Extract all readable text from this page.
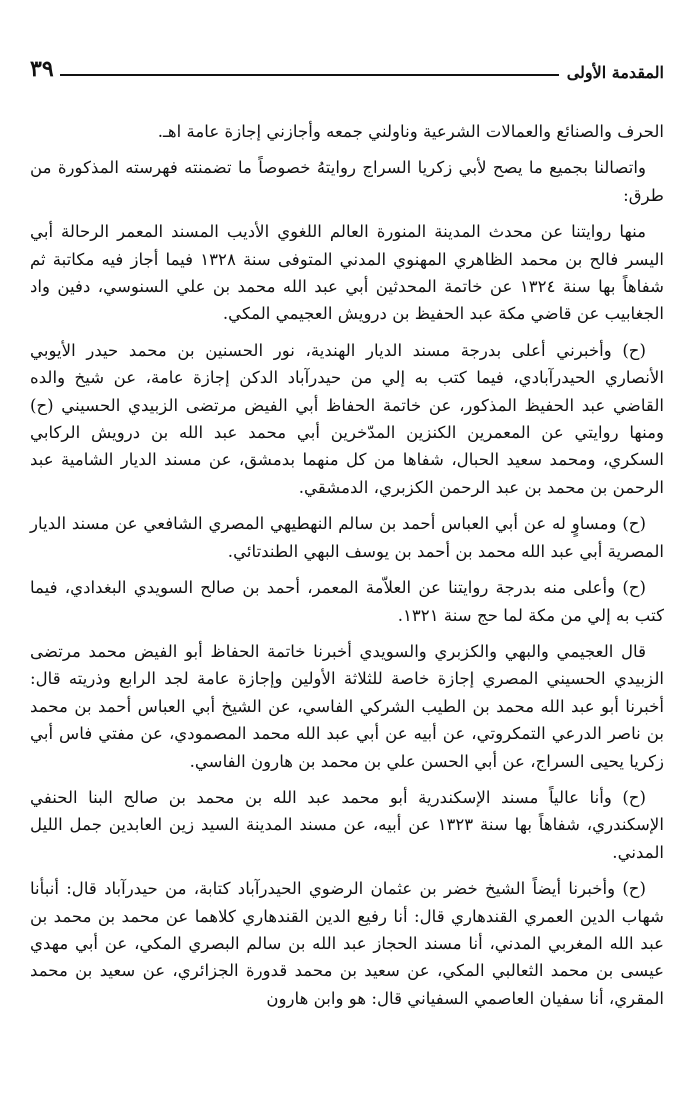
المقدمة الأولى
٣٩

الحرف والصنائع والعمالات الشرعية وناولني جمعه وأجازني إجازة عامة اهـ.

واتصالنا بجميع ما يصح لأبي زكريا السراج روايتهُ خصوصاً ما تضمنته فهرسته المذكورة من طرق:

منها روايتنا عن محدث المدينة المنورة العالم اللغوي الأديب المسند المعمر الرحالة أبي اليسر فالح بن محمد الظاهري المهنوي المدني المتوفى سنة ١٣٢٨ فيما أجاز فيه مكاتبة ثم شفاهاً بها سنة ١٣٢٤ عن خاتمة المحدثين أبي عبد الله محمد بن علي السنوسي، دفين واد الجغابيب عن قاضي مكة عبد الحفيظ بن درويش العجيمي المكي.

(ح) وأخبرني أعلى بدرجة مسند الديار الهندية، نور الحسنين بن محمد حيدر الأيوبي الأنصاري الحيدرآبادي، فيما كتب به إلي من حيدرآباد الدكن إجازة عامة، عن شيخ والده القاضي عبد الحفيظ المذكور، عن خاتمة الحفاظ أبي الفيض مرتضى الزبيدي الحسيني (ح) ومنها روايتي عن المعمرين الكنزين المدّخرين أبي محمد عبد الله بن درويش الركابي السكري، ومحمد سعيد الحبال، شفاها من كل منهما بدمشق، عن مسند الديار الشامية عبد الرحمن بن محمد بن عبد الرحمن الكزبري، الدمشقي.

(ح) ومساوٍ له عن أبي العباس أحمد بن سالم النهطيهي المصري الشافعي عن مسند الديار المصرية أبي عبد الله محمد بن أحمد بن يوسف البهي الطندتائي.

(ح) وأعلى منه بدرجة روايتنا عن العلاّمة المعمر، أحمد بن صالح السويدي البغدادي، فيما كتب به إلي من مكة لما حج سنة ١٣٢١.

قال العجيمي والبهي والكزبري والسويدي أخبرنا خاتمة الحفاظ أبو الفيض محمد مرتضى الزبيدي الحسيني المصري إجازة خاصة للثلاثة الأولين وإجازة عامة لجد الرابع وذريته قال: أخبرنا أبو عبد الله محمد بن الطيب الشركي الفاسي، عن الشيخ أبي العباس أحمد بن محمد بن ناصر الدرعي التمكروتي، عن أبيه عن أبي عبد الله محمد المصمودي، عن مفتي فاس أبي زكريا يحيى السراج، عن أبي الحسن علي بن محمد بن هارون الفاسي.

(ح) وأنا عالياً مسند الإسكندرية أبو محمد عبد الله بن محمد بن صالح البنا الحنفي الإسكندري، شفاهاً بها سنة ١٣٢٣ عن أبيه، عن مسند المدينة السيد زين العابدين جمل الليل المدني.

(ح) وأخبرنا أيضاً الشيخ خضر بن عثمان الرضوي الحيدرآباد كتابة، من حيدرآباد قال: أنبأنا شهاب الدين العمري القندهاري قال: أنا رفيع الدين القندهاري كلاهما عن محمد بن محمد بن عبد الله المغربي المدني، أنا مسند الحجاز عبد الله بن سالم البصري المكي، عن أبي مهدي عيسى بن محمد الثعالبي المكي، عن سعيد بن محمد قدورة الجزائري، عن سعيد بن محمد المقري، أنا سفيان العاصمي السفياني قال: هو وابن هارون
